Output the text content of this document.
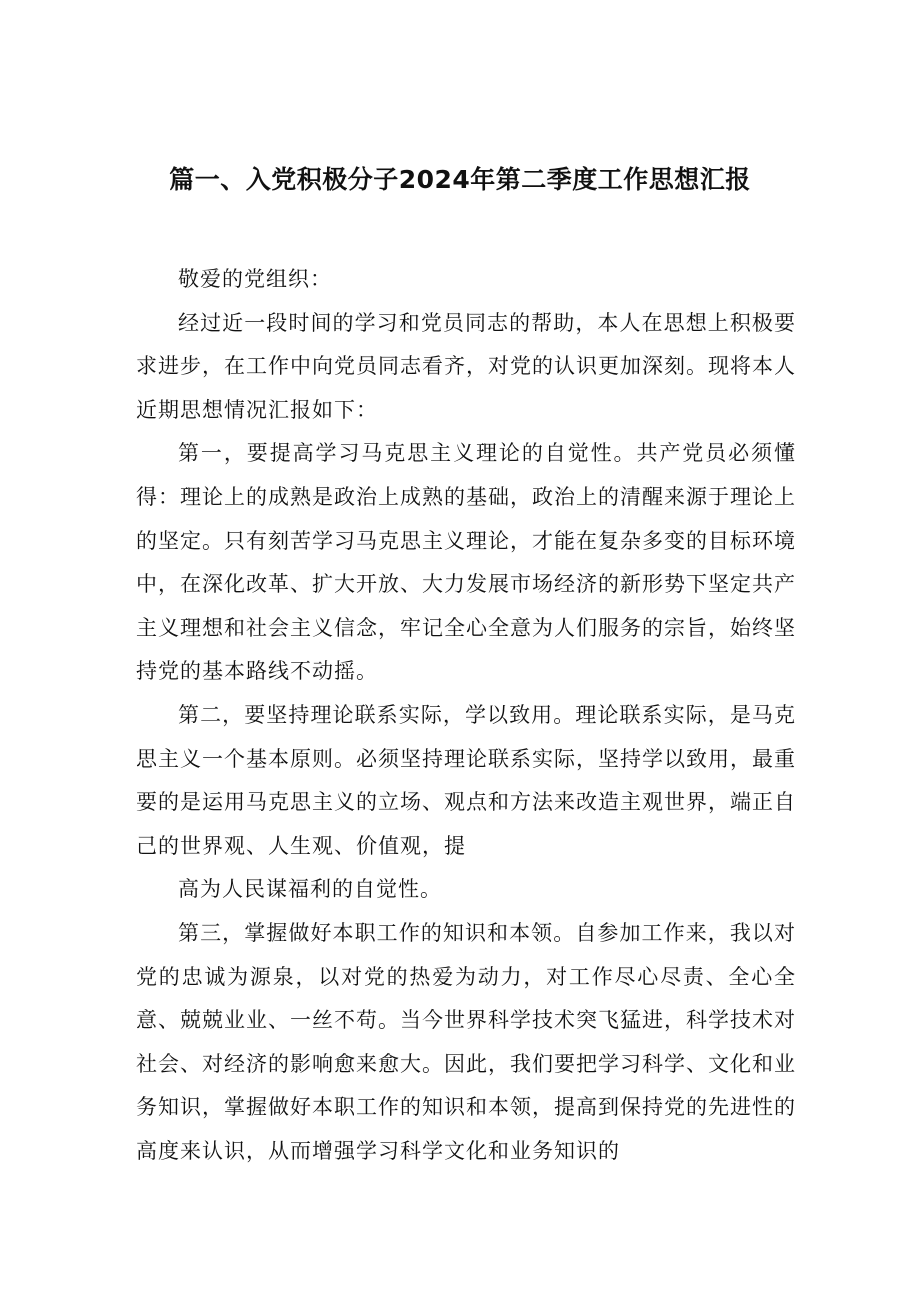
篇一、入党积极分子2024年第二季度工作思想汇报

敬爱的党组织：

经过近一段时间的学习和党员同志的帮助，本人在思想上积极要求进步，在工作中向党员同志看齐，对党的认识更加深刻。现将本人近期思想情况汇报如下：

第一，要提高学习马克思主义理论的自觉性。共产党员必须懂得：理论上的成熟是政治上成熟的基础，政治上的清醒来源于理论上的坚定。只有刻苦学习马克思主义理论，才能在复杂多变的目标环境中，在深化改革、扩大开放、大力发展市场经济的新形势下坚定共产主义理想和社会主义信念，牢记全心全意为人们服务的宗旨，始终坚持党的基本路线不动摇。

第二，要坚持理论联系实际，学以致用。理论联系实际，是马克思主义一个基本原则。必须坚持理论联系实际，坚持学以致用，最重要的是运用马克思主义的立场、观点和方法来改造主观世界，端正自己的世界观、人生观、价值观，提

高为人民谋福利的自觉性。

第三，掌握做好本职工作的知识和本领。自参加工作来，我以对党的忠诚为源泉，以对党的热爱为动力，对工作尽心尽责、全心全意、兢兢业业、一丝不苟。当今世界科学技术突飞猛进，科学技术对社会、对经济的影响愈来愈大。因此，我们要把学习科学、文化和业务知识，掌握做好本职工作的知识和本领，提高到保持党的先进性的高度来认识，从而增强学习科学文化和业务知识的
